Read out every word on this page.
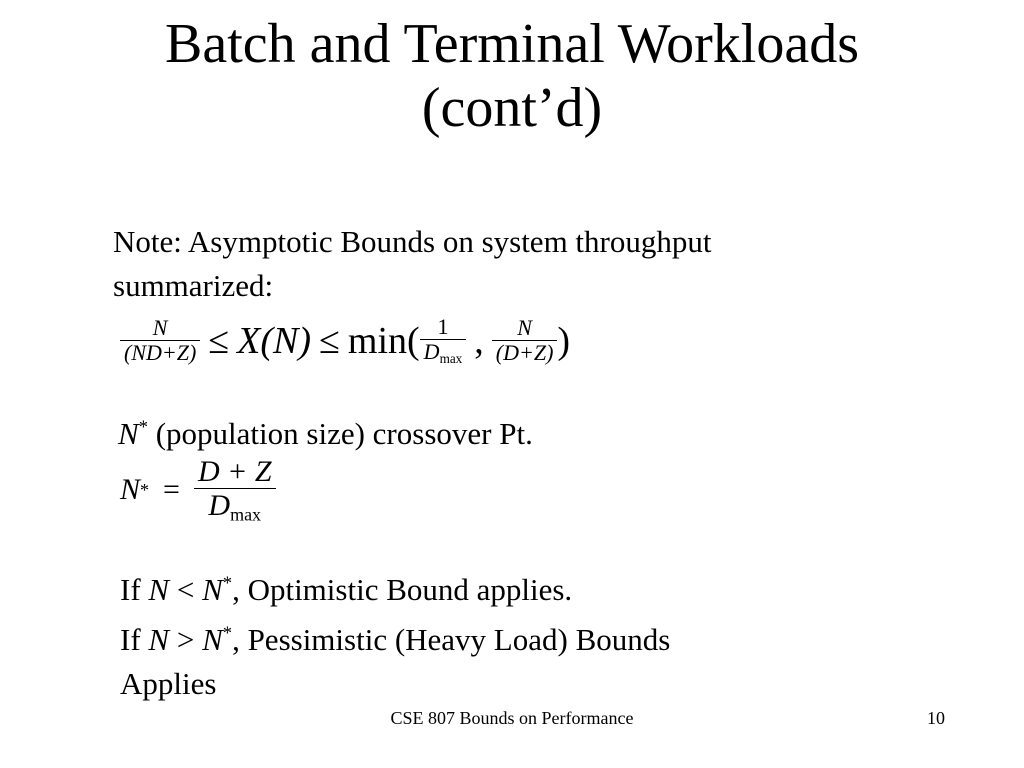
Batch and Terminal Workloads
(cont’d)
Note: Asymptotic Bounds on system throughput summarized:
$\frac{N}{(ND+Z)} \le X(N) \le \min( \frac{1}{D_{max}}$ , $\frac{N}{(D+Z)}$ )
N* (population size) crossover Pt.
N * = $\frac{D + Z}{D_{max}}$
If N < N*, Optimistic Bound applies.
If N > N*, Pessimistic (Heavy Load) Bounds
Applies
CSE 807 Bounds on Performance	10
